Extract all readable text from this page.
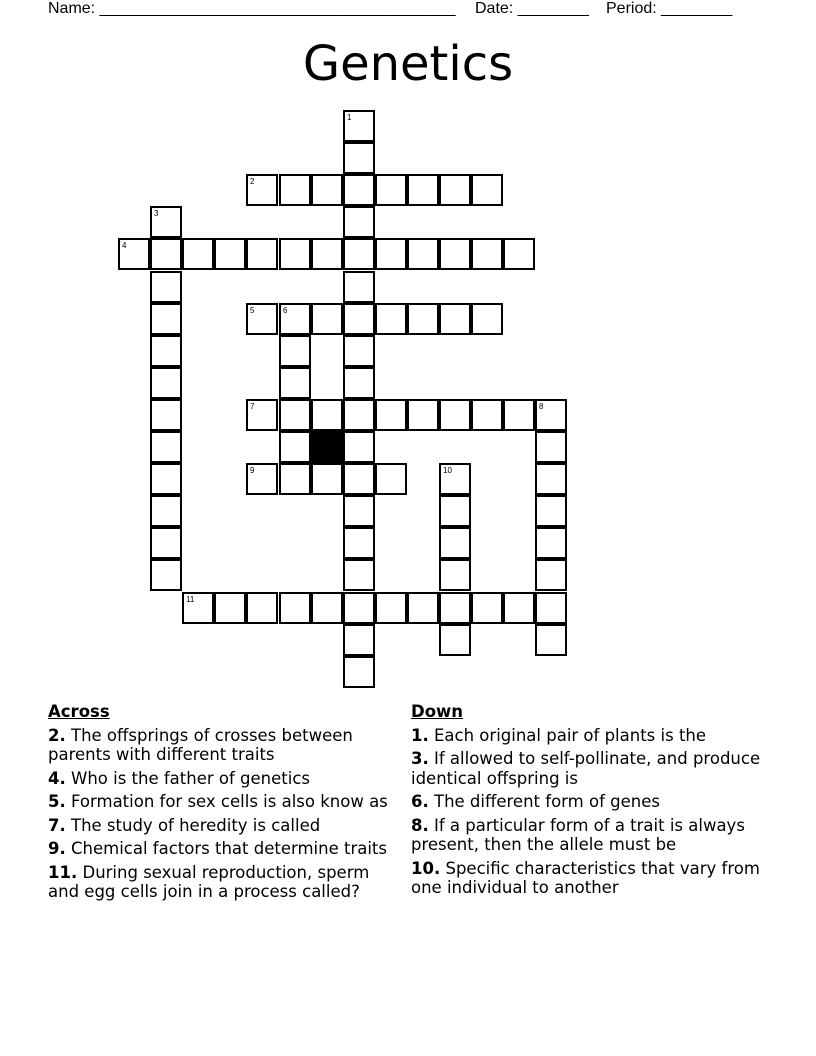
Name: ________________________________________ Date: ________ Period: ________
Genetics
1
2
3
4
5	6
7
9	10
8
11
Across
2. The offsprings of crosses between parents with different traits
4. Who is the father of genetics
5. Formation for sex cells is also know as
7. The study of heredity is called
9. Chemical factors that determine traits
11. During sexual reproduction, sperm and egg cells join in a process called?
Down
1. Each original pair of plants is the
3. If allowed to self-pollinate, and produce identical offspring is
6. The different form of genes
8. If a particular form of a trait is always present, then the allele must be
10. Specific characteristics that vary from one individual to another
